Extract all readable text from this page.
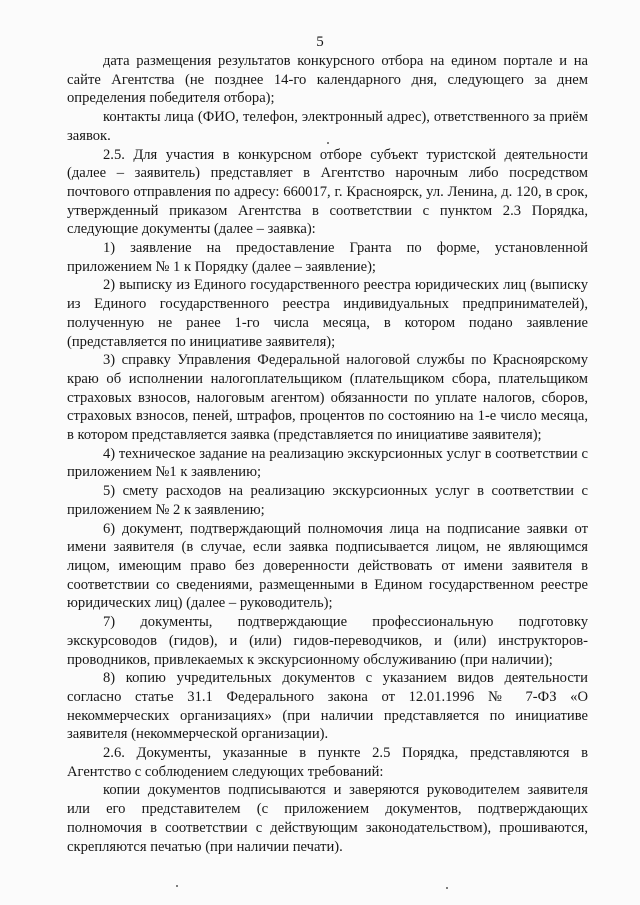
5

дата размещения результатов конкурсного отбора на едином портале и на сайте Агентства (не позднее 14-го календарного дня, следующего за днем определения победителя отбора);

контакты лица (ФИО, телефон, электронный адрес), ответственного за приём заявок.

2.5. Для участия в конкурсном отборе субъект туристской деятельности (далее – заявитель) представляет в Агентство нарочным либо посредством почтового отправления по адресу: 660017, г. Красноярск, ул. Ленина, д. 120, в срок, утвержденный приказом Агентства в соответствии с пунктом 2.3 Порядка, следующие документы (далее – заявка):

1) заявление на предоставление Гранта по форме, установленной приложением № 1 к Порядку (далее – заявление);

2) выписку из Единого государственного реестра юридических лиц (выписку из Единого государственного реестра индивидуальных предпринимателей), полученную не ранее 1-го числа месяца, в котором подано заявление (представляется по инициативе заявителя);

3) справку Управления Федеральной налоговой службы по Красноярскому краю об исполнении налогоплательщиком (плательщиком сбора, плательщиком страховых взносов, налоговым агентом) обязанности по уплате налогов, сборов, страховых взносов, пеней, штрафов, процентов по состоянию на 1-е число месяца, в котором представляется заявка (представляется по инициативе заявителя);

4) техническое задание на реализацию экскурсионных услуг в соответствии с приложением №1 к заявлению;

5) смету расходов на реализацию экскурсионных услуг в соответствии с приложением № 2 к заявлению;

6) документ, подтверждающий полномочия лица на подписание заявки от имени заявителя (в случае, если заявка подписывается лицом, не являющимся лицом, имеющим право без доверенности действовать от имени заявителя в соответствии со сведениями, размещенными в Едином государственном реестре юридических лиц) (далее – руководитель);

7) документы, подтверждающие профессиональную подготовку экскурсоводов (гидов), и (или) гидов-переводчиков, и (или) инструкторов-проводников, привлекаемых к экскурсионному обслуживанию (при наличии);

8) копию учредительных документов с указанием видов деятельности согласно статье 31.1 Федерального закона от 12.01.1996 № 7-ФЗ «О некоммерческих организациях» (при наличии представляется по инициативе заявителя (некоммерческой организации).

2.6. Документы, указанные в пункте 2.5 Порядка, представляются в Агентство с соблюдением следующих требований:

копии документов подписываются и заверяются руководителем заявителя или его представителем (с приложением документов, подтверждающих полномочия в соответствии с действующим законодательством), прошиваются, скрепляются печатью (при наличии печати).
